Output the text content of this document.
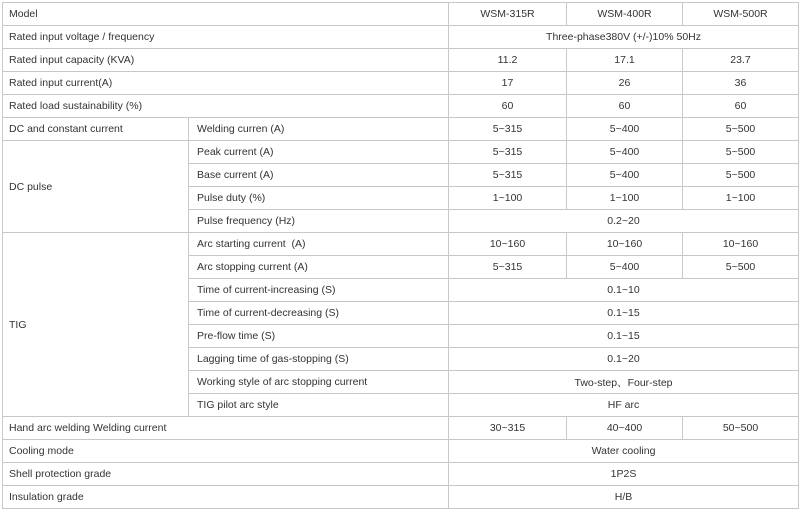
Model		WSM-315R	WSM-400R	WSM-500R
Rated input voltage / frequency		Three-phase380V (+/-)10% 50Hz		
Rated input capacity (KVA)		11.2	17.1	23.7
Rated input current(A)		17	26	36
Rated load sustainability (%)		60	60	60
DC and constant current	Welding curren (A)	5~315	5~400	5~500
DC pulse	Peak current (A)	5~315	5~400	5~500
	Base current (A)	5~315	5~400	5~500
	Pulse duty (%)	1~100	1~100	1~100
	Pulse frequency (Hz)	0.2~20		
TIG	Arc starting current  (A)	10~160	10~160	10~160
	Arc stopping current (A)	5~315	5~400	5~500
	Time of current-increasing (S)	0.1~10		
	Time of current-decreasing (S)	0.1~15		
	Pre-flow time (S)	0.1~15		
	Lagging time of gas-stopping (S)	0.1~20		
	Working style of arc stopping current	Two-step、Four-step		
	TIG pilot arc style	HF arc		
Hand arc welding Welding current		30~315	40~400	50~500
Cooling mode		Water cooling		
Shell protection grade		1P2S		
Insulation grade		H/B		
